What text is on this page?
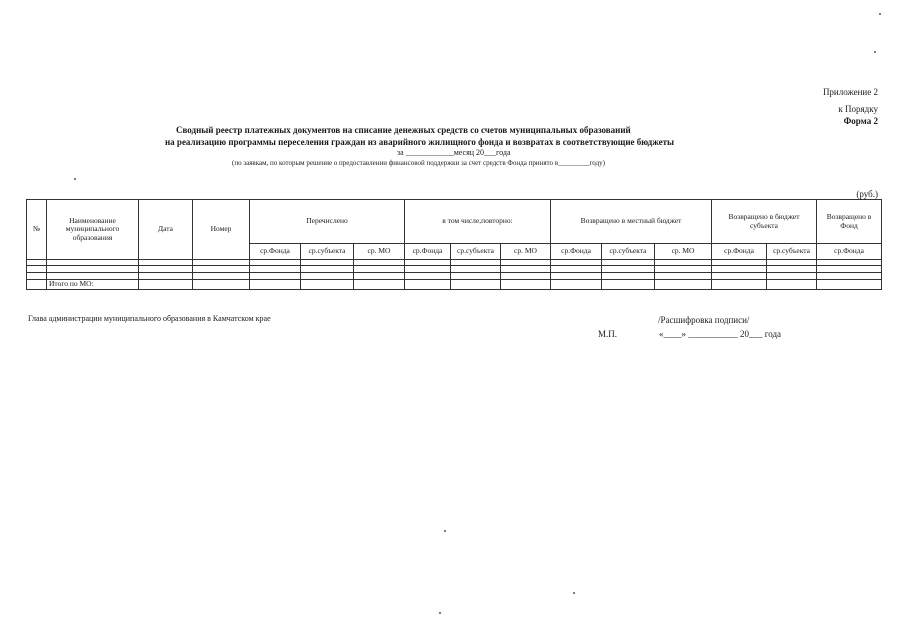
Приложение 2
к Порядку
Форма 2
Сводный реестр платежных документов на списание денежных средств со счетов муниципальных образований
на реализацию программы переселения граждан из аварийного жилищного фонда и возвратах в соответствующие бюджеты
за ____________месяц 20___года
(по заявкам, по которым решение о предоставлении финансовой поддержки за счет средств Фонда принято в_________году)
(руб.)
№	Наименование муниципального образования	Дата	Номер	Перечислено			в том числе,повторно:			Возвращено в местный бюджет			Возвращено в бюджет субъекта		Возвращено в Фонд
				ср.Фонда	ср.субъекта	ср. МО	ср.Фонда	ср.субъекта	ср. МО	ср.Фонда	ср.субъекта	ср. МО	ср.Фонда	ср.субъекта	ср.Фонда

	Итого по МО:														
Глава администрации муниципального образования в Камчатском крае	/Расшифровка подписи/
М.П.	«____» ___________ 20___ года
